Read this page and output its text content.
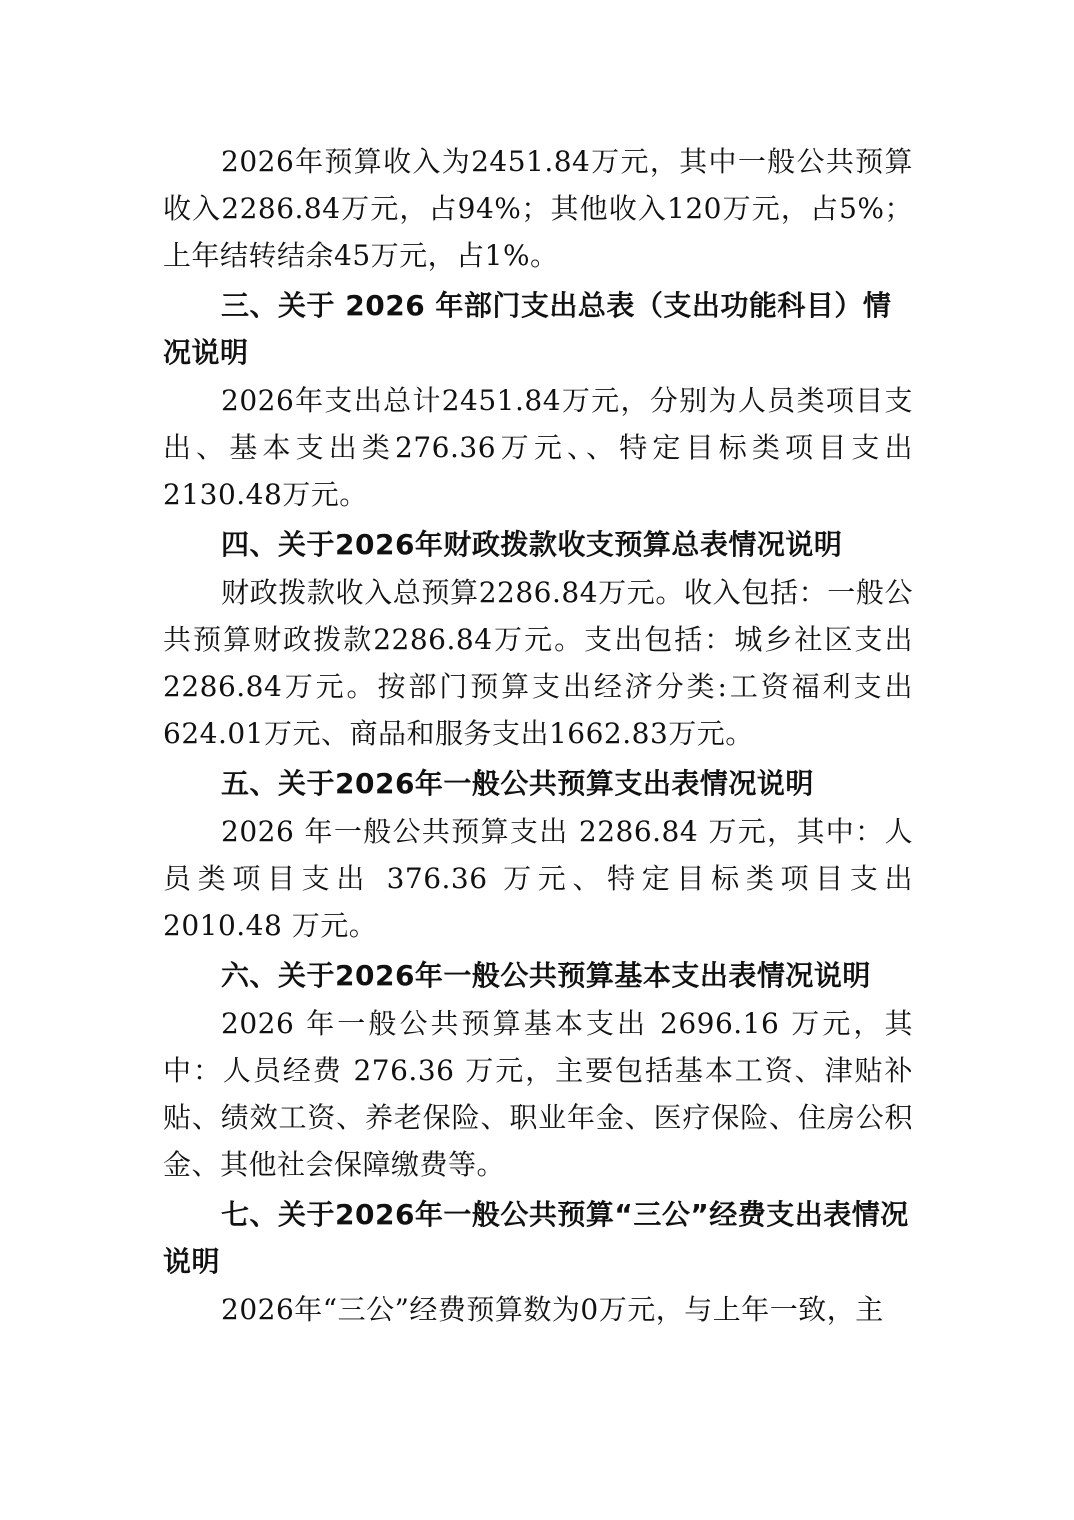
2026年预算收入为2451.84万元，其中一般公共预算收入2286.84万元，占94%；其他收入120万元，占5%；上年结转结余45万元，占1%。

三、关于 2026 年部门支出总表（支出功能科目）情况说明

2026年支出总计2451.84万元，分别为人员类项目支出、基本支出类276.36万元、、特定目标类项目支出2130.48万元。

四、关于2026年财政拨款收支预算总表情况说明

财政拨款收入总预算2286.84万元。收入包括：一般公共预算财政拨款2286.84万元。支出包括：城乡社区支出2286.84万元。按部门预算支出经济分类:工资福利支出624.01万元、商品和服务支出1662.83万元。

五、关于2026年一般公共预算支出表情况说明

2026 年一般公共预算支出 2286.84 万元，其中：人员类项目支出 376.36 万元、特定目标类项目支出 2010.48 万元。

六、关于2026年一般公共预算基本支出表情况说明

2026 年一般公共预算基本支出 2696.16 万元，其中：人员经费 276.36 万元，主要包括基本工资、津贴补贴、绩效工资、养老保险、职业年金、医疗保险、住房公积金、其他社会保障缴费等。

七、关于2026年一般公共预算“三公”经费支出表情况说明

2026年“三公”经费预算数为0万元，与上年一致，主
